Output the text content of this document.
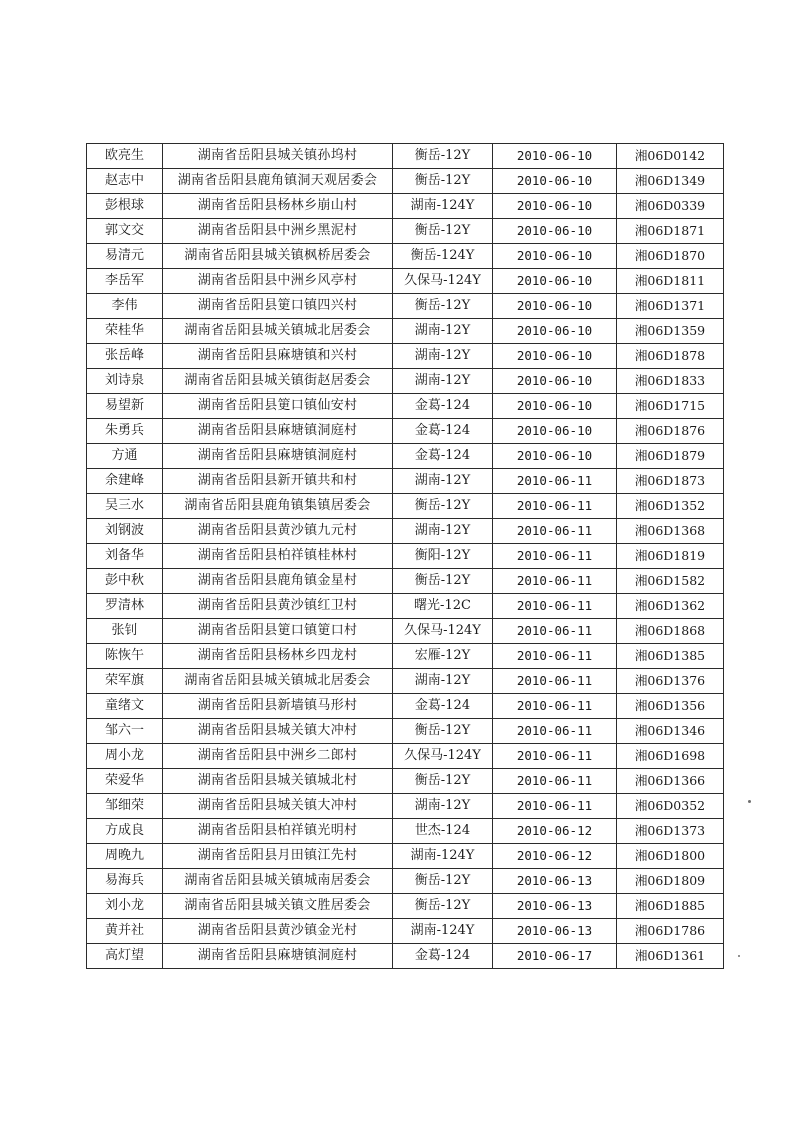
欧亮生	湖南省岳阳县城关镇孙坞村	衡岳-12Y	2010-06-10	湘06D0142
赵志中	湖南省岳阳县鹿角镇洞天观居委会	衡岳-12Y	2010-06-10	湘06D1349
彭根球	湖南省岳阳县杨林乡崩山村	湖南-124Y	2010-06-10	湘06D0339
郭文交	湖南省岳阳县中洲乡黑泥村	衡岳-12Y	2010-06-10	湘06D1871
易清元	湖南省岳阳县城关镇枫桥居委会	衡岳-124Y	2010-06-10	湘06D1870
李岳军	湖南省岳阳县中洲乡风亭村	久保马-124Y	2010-06-10	湘06D1811
李伟	湖南省岳阳县筻口镇四兴村	衡岳-12Y	2010-06-10	湘06D1371
荣桂华	湖南省岳阳县城关镇城北居委会	湖南-12Y	2010-06-10	湘06D1359
张岳峰	湖南省岳阳县麻塘镇和兴村	湖南-12Y	2010-06-10	湘06D1878
刘诗泉	湖南省岳阳县城关镇街赵居委会	湖南-12Y	2010-06-10	湘06D1833
易望新	湖南省岳阳县筻口镇仙安村	金葛-124	2010-06-10	湘06D1715
朱勇兵	湖南省岳阳县麻塘镇洞庭村	金葛-124	2010-06-10	湘06D1876
方通	湖南省岳阳县麻塘镇洞庭村	金葛-124	2010-06-10	湘06D1879
余建峰	湖南省岳阳县新开镇共和村	湖南-12Y	2010-06-11	湘06D1873
吴三水	湖南省岳阳县鹿角镇集镇居委会	衡岳-12Y	2010-06-11	湘06D1352
刘钢波	湖南省岳阳县黄沙镇九元村	湖南-12Y	2010-06-11	湘06D1368
刘备华	湖南省岳阳县柏祥镇桂林村	衡阳-12Y	2010-06-11	湘06D1819
彭中秋	湖南省岳阳县鹿角镇金星村	衡岳-12Y	2010-06-11	湘06D1582
罗清林	湖南省岳阳县黄沙镇红卫村	曙光-12C	2010-06-11	湘06D1362
张钊	湖南省岳阳县筻口镇筻口村	久保马-124Y	2010-06-11	湘06D1868
陈恢午	湖南省岳阳县杨林乡四龙村	宏雁-12Y	2010-06-11	湘06D1385
荣军旗	湖南省岳阳县城关镇城北居委会	湖南-12Y	2010-06-11	湘06D1376
童绪文	湖南省岳阳县新墙镇马形村	金葛-124	2010-06-11	湘06D1356
邹六一	湖南省岳阳县城关镇大冲村	衡岳-12Y	2010-06-11	湘06D1346
周小龙	湖南省岳阳县中洲乡二郎村	久保马-124Y	2010-06-11	湘06D1698
荣爱华	湖南省岳阳县城关镇城北村	衡岳-12Y	2010-06-11	湘06D1366
邹细荣	湖南省岳阳县城关镇大冲村	湖南-12Y	2010-06-11	湘06D0352
方成良	湖南省岳阳县柏祥镇光明村	世杰-124	2010-06-12	湘06D1373
周晚九	湖南省岳阳县月田镇江先村	湖南-124Y	2010-06-12	湘06D1800
易海兵	湖南省岳阳县城关镇城南居委会	衡岳-12Y	2010-06-13	湘06D1809
刘小龙	湖南省岳阳县城关镇文胜居委会	衡岳-12Y	2010-06-13	湘06D1885
黄并社	湖南省岳阳县黄沙镇金光村	湖南-124Y	2010-06-13	湘06D1786
高灯望	湖南省岳阳县麻塘镇洞庭村	金葛-124	2010-06-17	湘06D1361
